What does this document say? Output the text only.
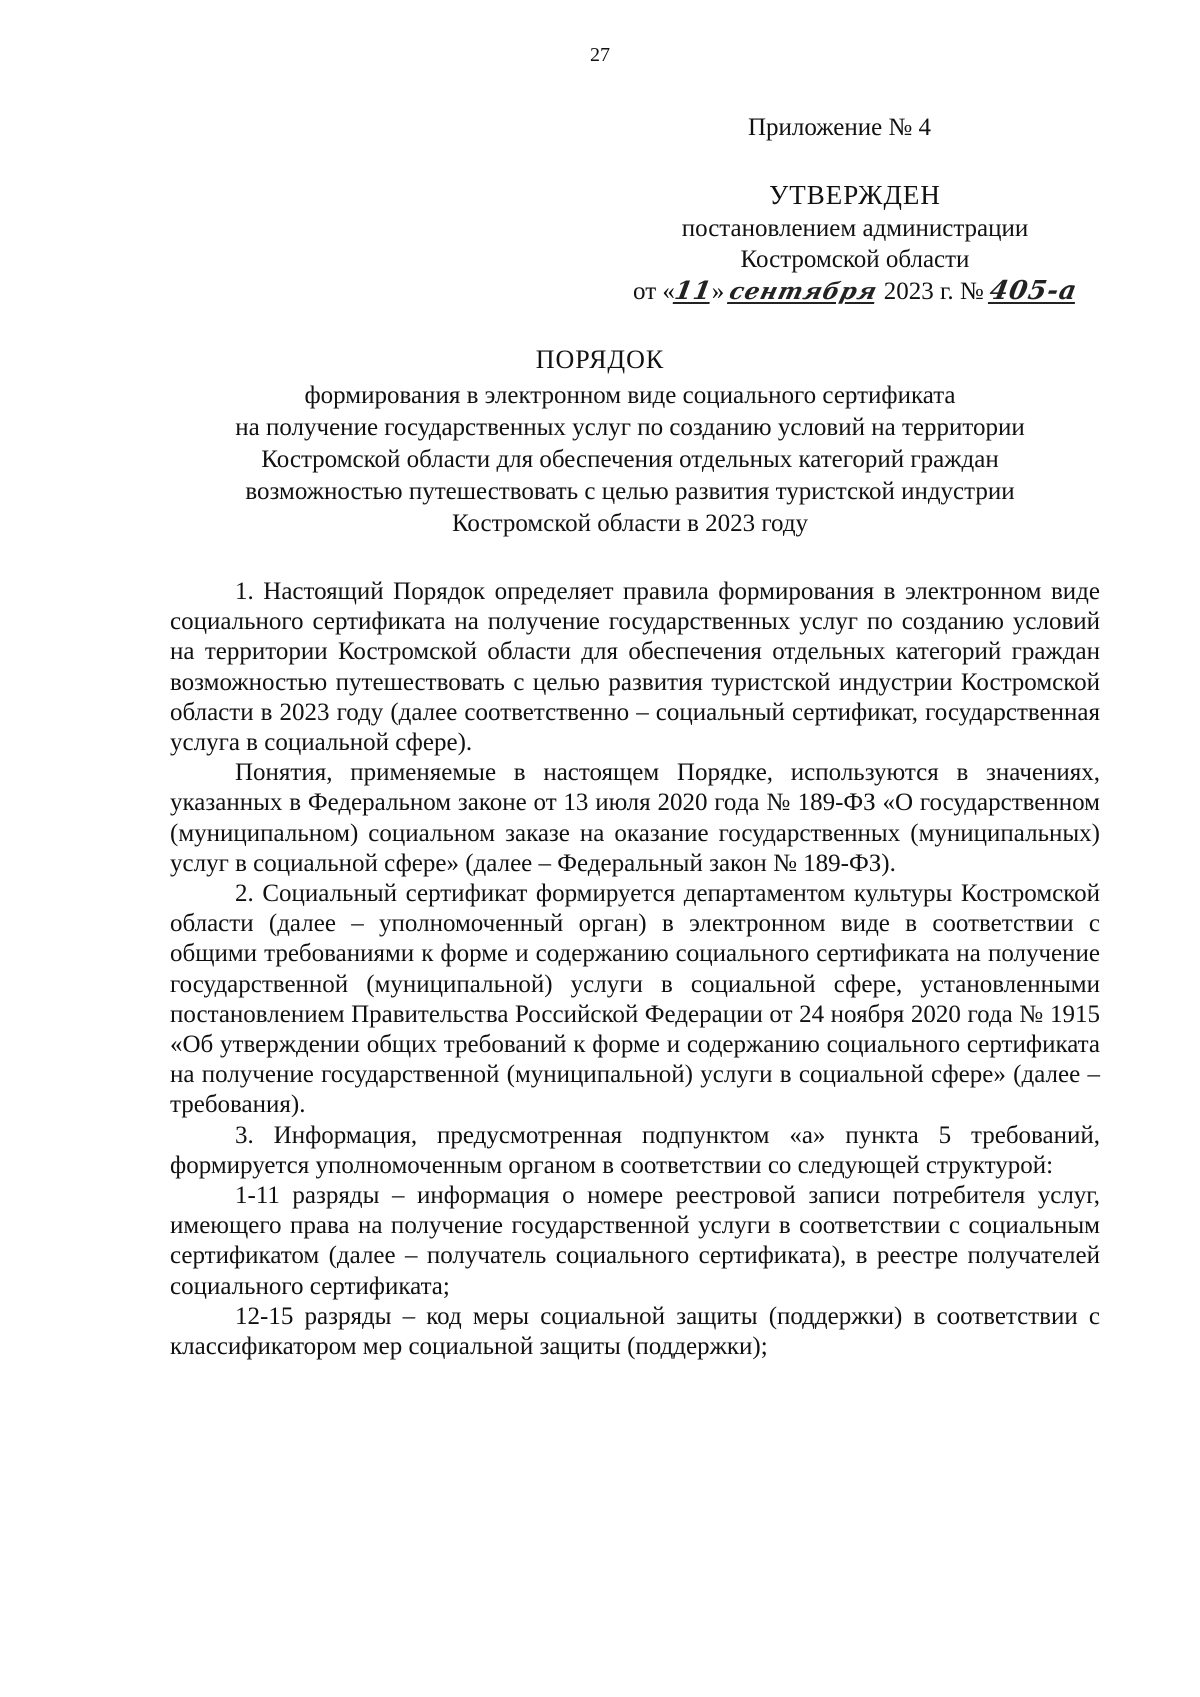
27
Приложение № 4
УТВЕРЖДЕН
постановлением администрации
Костромской области
от «11» сентября 2023 г. № 405-а
ПОРЯДОК
формирования в электронном виде социального сертификата
на получение государственных услуг по созданию условий на территории
Костромской области для обеспечения отдельных категорий граждан
возможностью путешествовать с целью развития туристской индустрии
Костромской области в 2023 году

1. Настоящий Порядок определяет правила формирования в электронном виде социального сертификата на получение государственных услуг по созданию условий на территории Костромской области для обеспечения отдельных категорий граждан возможностью путешествовать с целью развития туристской индустрии Костромской области в 2023 году (далее соответственно – социальный сертификат, государственная услуга в социальной сфере).

Понятия, применяемые в настоящем Порядке, используются в значениях, указанных в Федеральном законе от 13 июля 2020 года № 189-ФЗ «О государственном (муниципальном) социальном заказе на оказание государственных (муниципальных) услуг в социальной сфере» (далее – Федеральный закон № 189-ФЗ).

2. Социальный сертификат формируется департаментом культуры Костромской области (далее – уполномоченный орган) в электронном виде в соответствии с общими требованиями к форме и содержанию социального сертификата на получение государственной (муниципальной) услуги в социальной сфере, установленными постановлением Правительства Российской Федерации от 24 ноября 2020 года № 1915 «Об утверждении общих требований к форме и содержанию социального сертификата на получение государственной (муниципальной) услуги в социальной сфере» (далее – требования).

3. Информация, предусмотренная подпунктом «а» пункта 5 требований, формируется уполномоченным органом в соответствии со следующей структурой:

1-11 разряды – информация о номере реестровой записи потребителя услуг, имеющего права на получение государственной услуги в соответствии с социальным сертификатом (далее – получатель социального сертификата), в реестре получателей социального сертификата;

12-15 разряды – код меры социальной защиты (поддержки) в соответствии с классификатором мер социальной защиты (поддержки);
